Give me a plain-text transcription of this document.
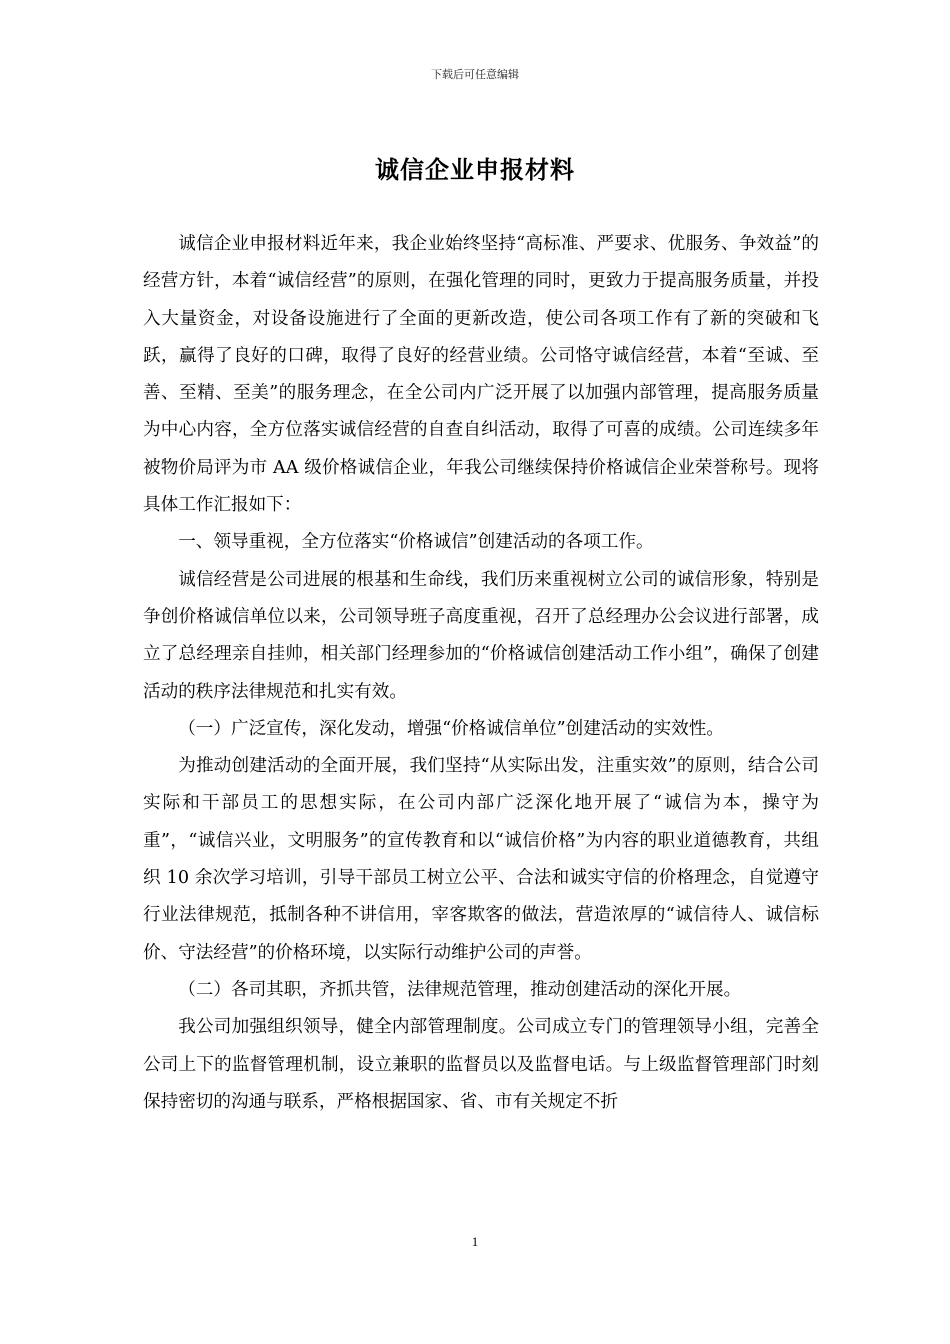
下载后可任意编辑
诚信企业申报材料

诚信企业申报材料近年来，我企业始终坚持“高标准、严要求、优服务、争效益”的经营方针，本着“诚信经营”的原则，在强化管理的同时，更致力于提高服务质量，并投入大量资金，对设备设施进行了全面的更新改造，使公司各项工作有了新的突破和飞跃，赢得了良好的口碑，取得了良好的经营业绩。公司恪守诚信经营，本着“至诚、至善、至精、至美”的服务理念，在全公司内广泛开展了以加强内部管理，提高服务质量为中心内容，全方位落实诚信经营的自查自纠活动，取得了可喜的成绩。公司连续多年被物价局评为市 AA 级价格诚信企业，年我公司继续保持价格诚信企业荣誉称号。现将具体工作汇报如下：

一、领导重视，全方位落实“价格诚信”创建活动的各项工作。

诚信经营是公司进展的根基和生命线，我们历来重视树立公司的诚信形象，特别是争创价格诚信单位以来，公司领导班子高度重视，召开了总经理办公会议进行部署，成立了总经理亲自挂帅，相关部门经理参加的“价格诚信创建活动工作小组”，确保了创建活动的秩序法律规范和扎实有效。

（一）广泛宣传，深化发动，增强“价格诚信单位”创建活动的实效性。

为推动创建活动的全面开展，我们坚持“从实际出发，注重实效”的原则，结合公司实际和干部员工的思想实际，在公司内部广泛深化地开展了“诚信为本，操守为重”，“诚信兴业，文明服务”的宣传教育和以“诚信价格”为内容的职业道德教育，共组织 10 余次学习培训，引导干部员工树立公平、合法和诚实守信的价格理念，自觉遵守行业法律规范，抵制各种不讲信用，宰客欺客的做法，营造浓厚的“诚信待人、诚信标价、守法经营”的价格环境，以实际行动维护公司的声誉。

（二）各司其职，齐抓共管，法律规范管理，推动创建活动的深化开展。

我公司加强组织领导，健全内部管理制度。公司成立专门的管理领导小组，完善全公司上下的监督管理机制，设立兼职的监督员以及监督电话。与上级监督管理部门时刻保持密切的沟通与联系，严格根据国家、省、市有关规定不折

1
